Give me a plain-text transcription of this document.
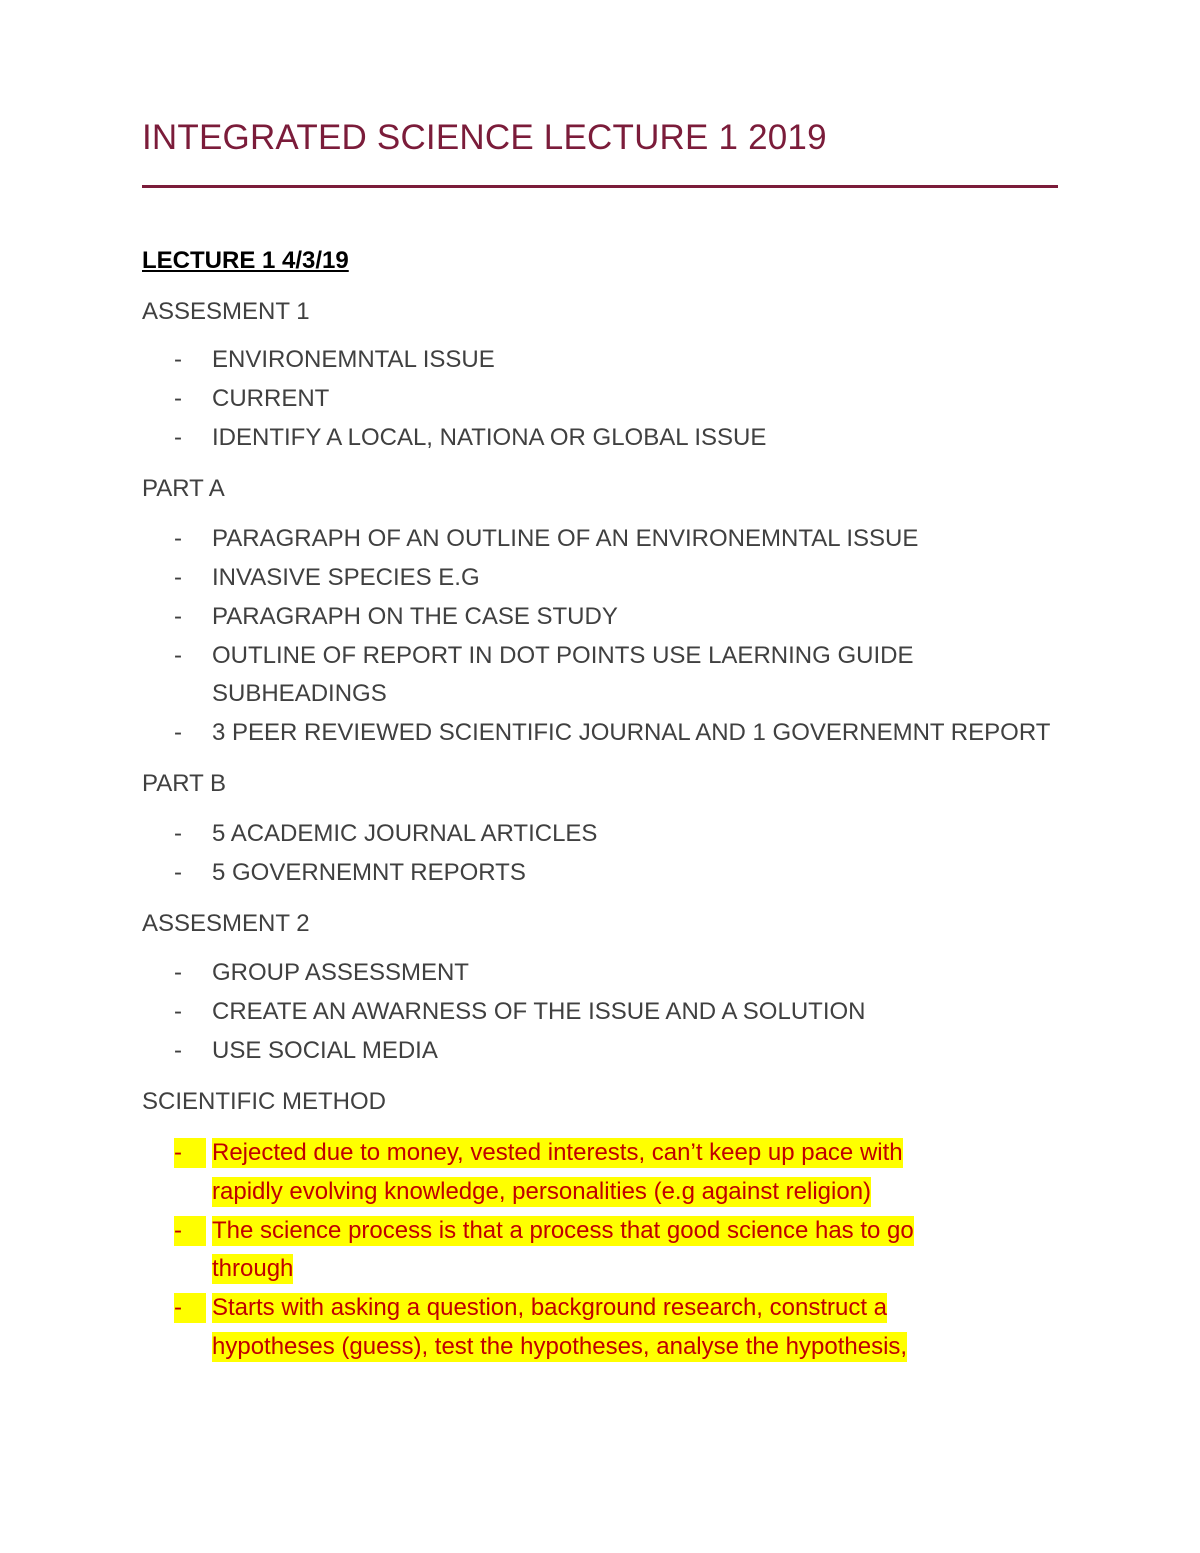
INTEGRATED SCIENCE LECTURE 1 2019
LECTURE 1 4/3/19
ASSESMENT 1
- ENVIRONEMNTAL ISSUE
- CURRENT
- IDENTIFY A LOCAL, NATIONA OR GLOBAL ISSUE
PART A
- PARAGRAPH OF AN OUTLINE OF AN ENVIRONEMNTAL ISSUE
- INVASIVE SPECIES E.G
- PARAGRAPH ON THE CASE STUDY
- OUTLINE OF REPORT IN DOT POINTS USE LAERNING GUIDE
SUBHEADINGS
- 3 PEER REVIEWED SCIENTIFIC JOURNAL AND 1 GOVERNEMNT REPORT
PART B
- 5 ACADEMIC JOURNAL ARTICLES
- 5 GOVERNEMNT REPORTS
ASSESMENT 2
- GROUP ASSESSMENT
- CREATE AN AWARNESS OF THE ISSUE AND A SOLUTION
- USE SOCIAL MEDIA
SCIENTIFIC METHOD
-	Rejected due to money, vested interests, can’t keep up pace with
rapidly evolving knowledge, personalities (e.g against religion)
-	The science process is that a process that good science has to go
through
-	Starts with asking a question, background research, construct a
hypotheses (guess), test the hypotheses, analyse the hypothesis,
